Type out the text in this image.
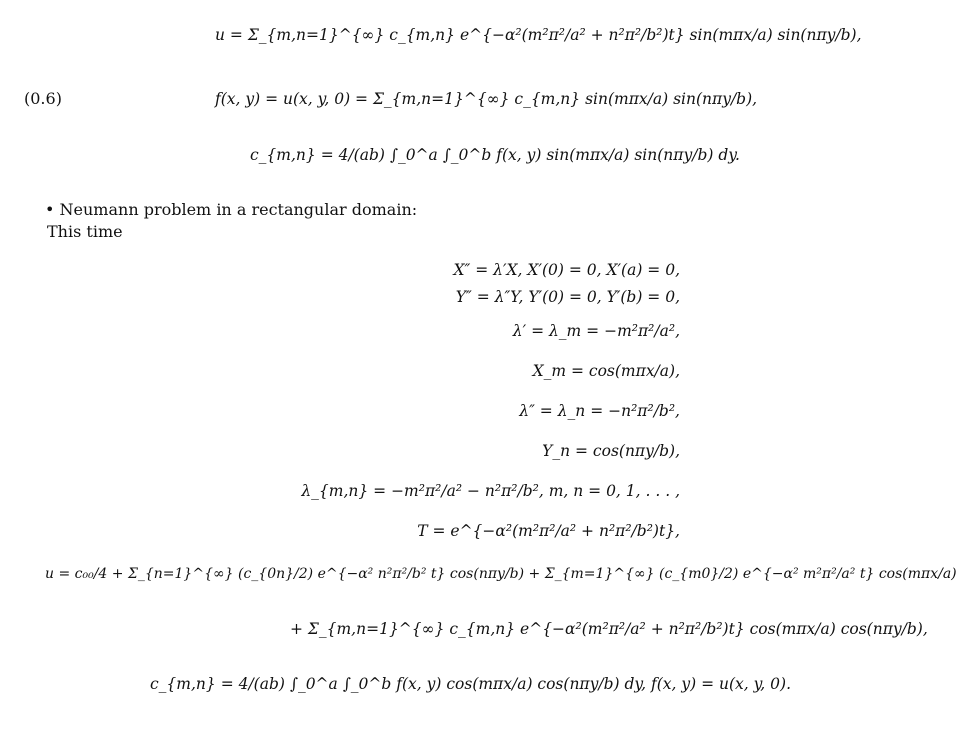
(0.6)
u = Σ_{m,n=1}^{∞} c_{m,n} e^{−α²(m²π²/a² + n²π²/b²)t} sin(mπx/a) sin(nπy/b),
f(x, y) = u(x, y, 0) = Σ_{m,n=1}^{∞} c_{m,n} sin(mπx/a) sin(nπy/b),
c_{m,n} = 4/(ab) ∫_0^a ∫_0^b f(x, y) sin(mπx/a) sin(nπy/b) dy.
• Neumann problem in a rectangular domain:
This time
X″ = λ′X, X′(0) = 0, X′(a) = 0,
Y″ = λ″Y, Y′(0) = 0, Y′(b) = 0,
λ′ = λ_m = −m²π²/a²,
X_m = cos(mπx/a),
λ″ = λ_n = −n²π²/b²,
Y_n = cos(nπy/b),
λ_{m,n} = −m²π²/a² − n²π²/b², m, n = 0, 1, . . . ,
T = e^{−α²(m²π²/a² + n²π²/b²)t},
u = c₀₀/4 + Σ_{n=1}^{∞} (c_{0n}/2) e^{−α² n²π²/b² t} cos(nπy/b) + Σ_{m=1}^{∞} (c_{m0}/2) e^{−α² m²π²/a² t} cos(mπx/a)
+ Σ_{m,n=1}^{∞} c_{m,n} e^{−α²(m²π²/a² + n²π²/b²)t} cos(mπx/a) cos(nπy/b),
c_{m,n} = 4/(ab) ∫_0^a ∫_0^b f(x, y) cos(mπx/a) cos(nπy/b) dy, f(x, y) = u(x, y, 0).
